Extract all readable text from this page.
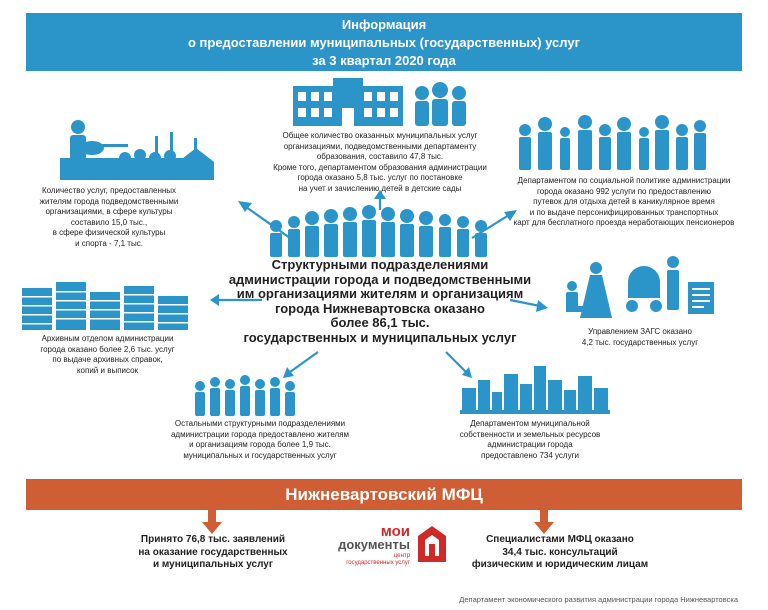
Информация
о предоставлении муниципальных (государственных) услуг
за 3 квартал 2020 года
Общее количество оказанных муниципальных услуг
организациями, подведомственными департаменту
образования, составило 47,8 тыс.
Кроме того, департаментом образования администрации
города оказано 5,8 тыс. услуг по постановке
на учет и зачислению детей в детские сады
Количество услуг, предоставленных
жителям города подведомственными
организациями, в сфере культуры
составило 15,0 тыс.,
в сфере физической культуры
и спорта - 7,1 тыс.
Департаментом по социальной политике администрации
города оказано 992 услуги по предоставлению
путевок для отдыха детей в каникулярное время
и по выдаче персонифицированных транспортных
карт для бесплатного проезда неработающих пенсионеров
Структурными подразделениями
администрации города и подведомственными
им организациями жителям и организациям
города Нижневартовска оказано
более 86,1 тыс.
государственных и муниципальных услуг
Архивным отделом администрации
города оказано более 2,6 тыс. услуг
по выдаче архивных справок,
копий и выписок
Управлением ЗАГС оказано
4,2 тыс. государственных услуг
Остальными структурными подразделениями
администрации города предоставлено жителям
и организациям города более 1,9 тыс.
муниципальных и государственных услуг
Департаментом муниципальной
собственности и земельных ресурсов
администрации города
предоставлено 734 услуги
Нижневартовский МФЦ
Принято 76,8 тыс. заявлений
на оказание государственных
и муниципальных услуг
мои
документы
центр
государственных услуг
Специалистами МФЦ оказано
34,4 тыс. консультаций
физическим и юридическим лицам
Департамент экономического развития администрации города Нижневартовска
